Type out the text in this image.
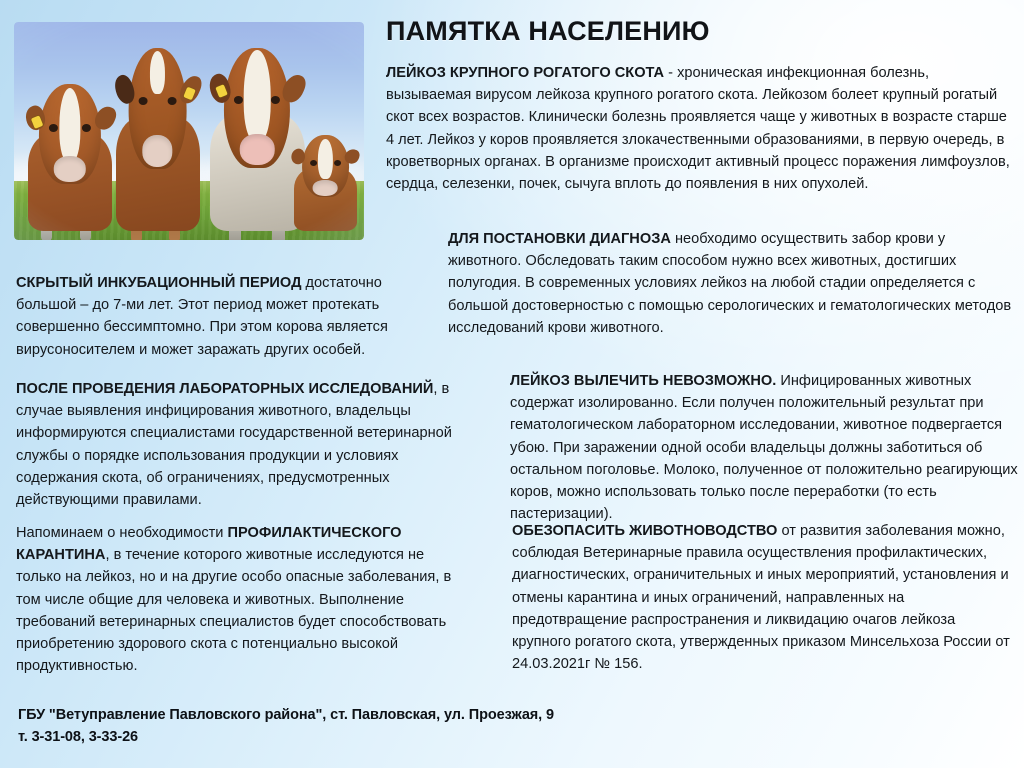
ПАМЯТКА НАСЕЛЕНИЮ
ЛЕЙКОЗ КРУПНОГО РОГАТОГО СКОТА - хроническая инфекционная болезнь, вызываемая вирусом лейкоза крупного рогатого скота. Лейкозом болеет крупный рогатый скот всех возрастов. Клинически болезнь проявляется чаще у животных в возрасте старше 4 лет. Лейкоз у коров проявляется злокачественными образованиями, в первую очередь, в кроветворных органах. В организме происходит активный процесс поражения лимфоузлов, сердца, селезенки, почек, сычуга вплоть до появления в них опухолей.
ДЛЯ ПОСТАНОВКИ ДИАГНОЗА необходимо осуществить забор крови у животного. Обследовать таким способом нужно всех животных, достигших полугодия. В современных условиях лейкоз на любой стадии определяется с большой достоверностью с помощью серологических и гематологических методов исследований крови животного.
ЛЕЙКОЗ ВЫЛЕЧИТЬ НЕВОЗМОЖНО. Инфицированных животных содержат изолированно. Если получен положительный результат при гематологическом лабораторном исследовании, животное подвергается убою. При заражении одной особи владельцы должны заботиться об остальном поголовье. Молоко, полученное от положительно реагирующих коров, можно использовать только после переработки (то есть пастеризации).
ОБЕЗОПАСИТЬ ЖИВОТНОВОДСТВО от развития заболевания можно, соблюдая Ветеринарные правила осуществления профилактических, диагностических, ограничительных и иных мероприятий, установления и отмены карантина и иных ограничений, направленных на предотвращение распространения и ликвидацию очагов лейкоза крупного рогатого скота, утвержденных приказом Минсельхоза России от 24.03.2021г № 156.
СКРЫТЫЙ ИНКУБАЦИОННЫЙ ПЕРИОД достаточно большой – до 7-ми лет. Этот период может протекать совершенно бессимптомно. При этом корова является вирусоносителем и может заражать других особей.
ПОСЛЕ ПРОВЕДЕНИЯ ЛАБОРАТОРНЫХ ИССЛЕДОВАНИЙ, в случае выявления инфицирования животного, владельцы информируются специалистами государственной ветеринарной службы о порядке использования продукции и условиях содержания скота, об ограничениях, предусмотренных действующими правилами.
Напоминаем о необходимости ПРОФИЛАКТИЧЕСКОГО КАРАНТИНА, в течение которого животные исследуются не только на лейкоз, но и на другие особо опасные заболевания, в том числе общие для человека и животных. Выполнение требований ветеринарных специалистов будет способствовать приобретению здорового скота с потенциально высокой продуктивностью.
ГБУ "Ветуправление Павловского района", ст. Павловская, ул. Проезжая, 9
т. 3-31-08, 3-33-26
